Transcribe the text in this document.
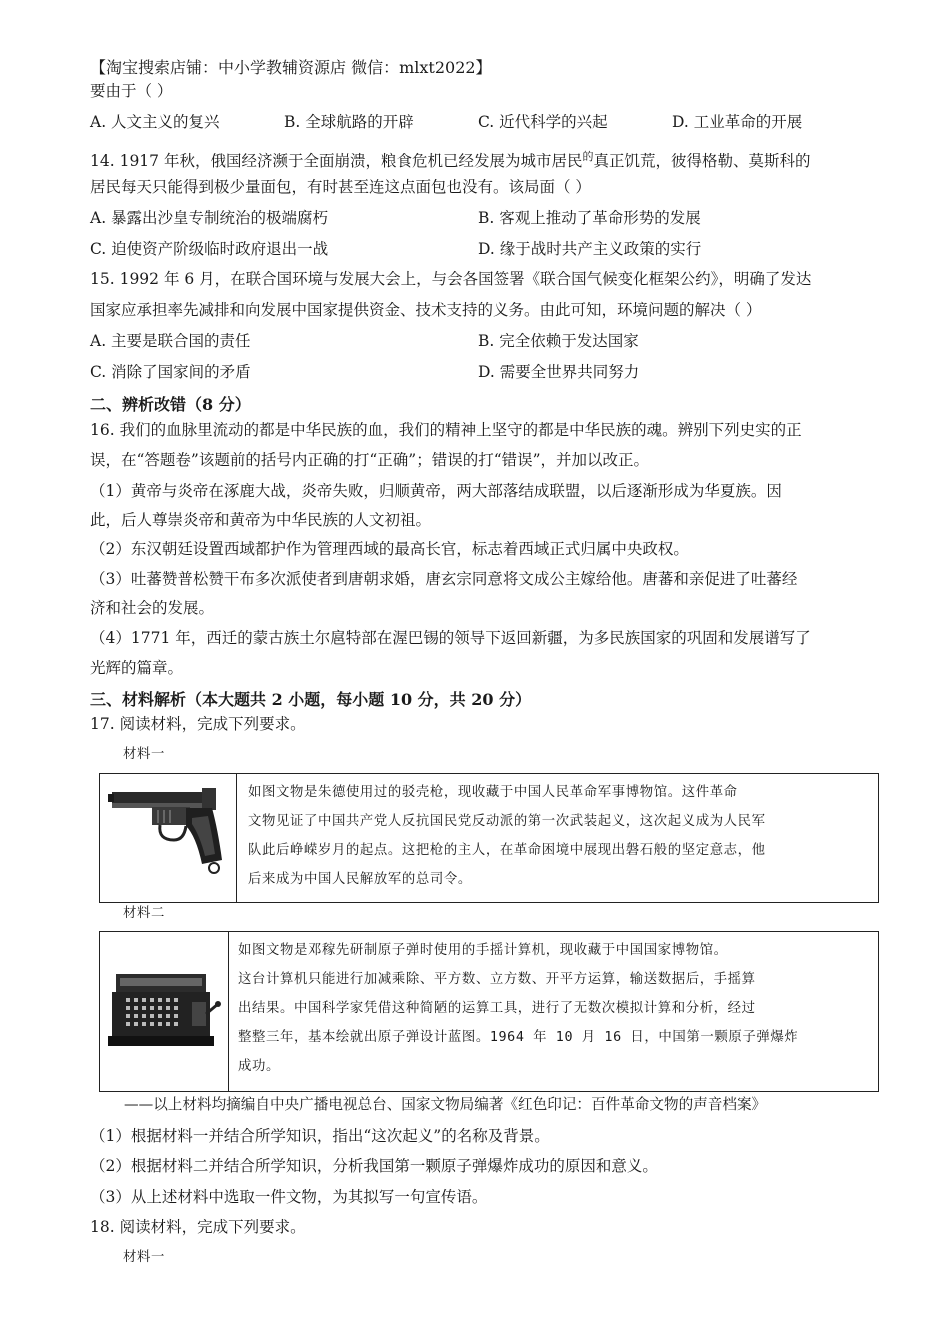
【淘宝搜索店铺：中小学教辅资源店 微信：mlxt2022】
要由于（ ）
A. 人文主义的复兴	B. 全球航路的开辟	C. 近代科学的兴起	D. 工业革命的开展
14. 1917 年秋，俄国经济濒于全面崩溃，粮食危机已经发展为城市居民$^的$真正饥荒，彼得格勒、莫斯科的
居民每天只能得到极少量面包，有时甚至连这点面包也没有。该局面（ ）
A. 暴露出沙皇专制统治的极端腐朽	B. 客观上推动了革命形势的发展
C. 迫使资产阶级临时政府退出一战	D. 缘于战时共产主义政策的实行
15. 1992 年 6 月，在联合国环境与发展大会上，与会各国签署《联合国气候变化框架公约》，明确了发达
国家应承担率先减排和向发展中国家提供资金、技术支持的义务。由此可知，环境问题的解决（ ）
A. 主要是联合国的责任	B. 完全依赖于发达国家
C. 消除了国家间的矛盾	D. 需要全世界共同努力
二、辨析改错（8 分）
16. 我们的血脉里流动的都是中华民族的血，我们的精神上坚守的都是中华民族的魂。辨别下列史实的正
误，在“答题卷”该题前的括号内正确的打“正确”；错误的打“错误”，并加以改正。
（1）黄帝与炎帝在涿鹿大战，炎帝失败，归顺黄帝，两大部落结成联盟，以后逐渐形成为华夏族。因
此，后人尊崇炎帝和黄帝为中华民族的人文初祖。
（2）东汉朝廷设置西域都护作为管理西域的最高长官，标志着西域正式归属中央政权。
（3）吐蕃赞普松赞干布多次派使者到唐朝求婚，唐玄宗同意将文成公主嫁给他。唐蕃和亲促进了吐蕃经
济和社会的发展。
（4）1771 年，西迁的蒙古族土尔扈特部在渥巴锡的领导下返回新疆，为多民族国家的巩固和发展谱写了
光辉的篇章。
三、材料解析（本大题共 2 小题，每小题 10 分，共 20 分）
17. 阅读材料，完成下列要求。
材料一

如图文物是朱德使用过的驳壳枪，现收藏于中国人民革命军事博物馆。这件革命

文物见证了中国共产党人反抗国民党反动派的第一次武装起义，这次起义成为人民军

队此后峥嵘岁月的起点。这把枪的主人，在革命困境中展现出磐石般的坚定意志，他

后来成为中国人民解放军的总司令。

材料二

如图文物是邓稼先研制原子弹时使用的手摇计算机，现收藏于中国国家博物馆。

这台计算机只能进行加减乘除、平方数、立方数、开平方运算，输送数据后，手摇算

出结果。中国科学家凭借这种简陋的运算工具，进行了无数次模拟计算和分析，经过

整整三年，基本绘就出原子弹设计蓝图。1964 年 10 月 16 日，中国第一颗原子弹爆炸

成功。

——以上材料均摘编自中央广播电视总台、国家文物局编著《红色印记：百件革命文物的声音档案》
（1）根据材料一并结合所学知识，指出“这次起义”的名称及背景。
（2）根据材料二并结合所学知识，分析我国第一颗原子弹爆炸成功的原因和意义。
（3）从上述材料中选取一件文物，为其拟写一句宣传语。
18. 阅读材料，完成下列要求。
材料一
